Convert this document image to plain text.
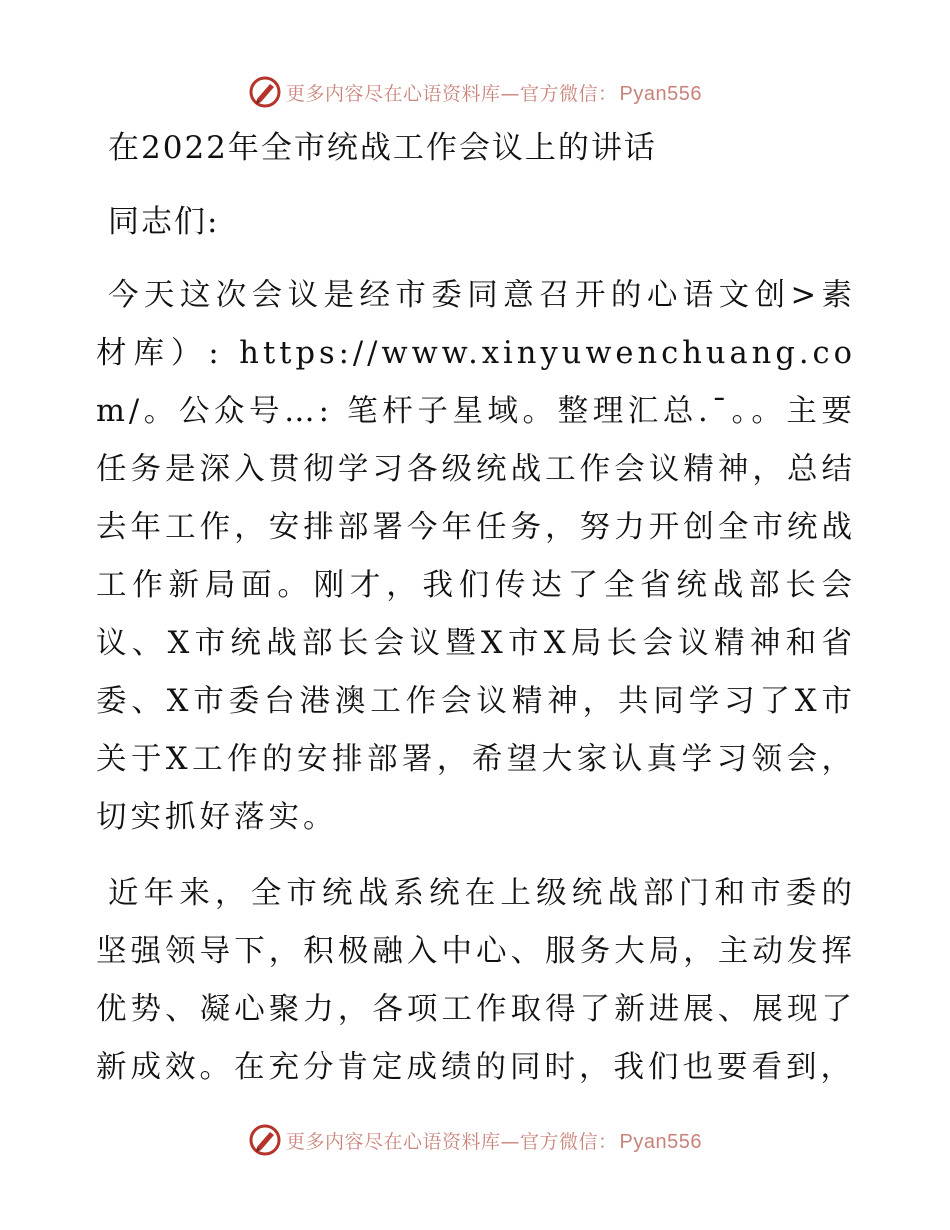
更多内容尽在心语资料库—官方微信： Pyan556
在2022年全市统战工作会议上的讲话

同志们:

今天这次会议是经市委同意召开的心语文创>素材库）: https://www.xinyuwenchuang.com/。公众号…: 笔杆子星域。整理汇总.¯。。主要任务是深入贯彻学习各级统战工作会议精神，总结去年工作，安排部署今年任务，努力开创全市统战工作新局面。刚才，我们传达了全省统战部长会议、X市统战部长会议暨X市X局长会议精神和省委、X市委台港澳工作会议精神，共同学习了X市关于X工作的安排部署，希望大家认真学习领会，切实抓好落实。

近年来，全市统战系统在上级统战部门和市委的坚强领导下，积极融入中心、服务大局，主动发挥优势、凝心聚力，各项工作取得了新进展、展现了新成效。在充分肯定成绩的同时，我们也要看到，

更多内容尽在心语资料库—官方微信： Pyan556
